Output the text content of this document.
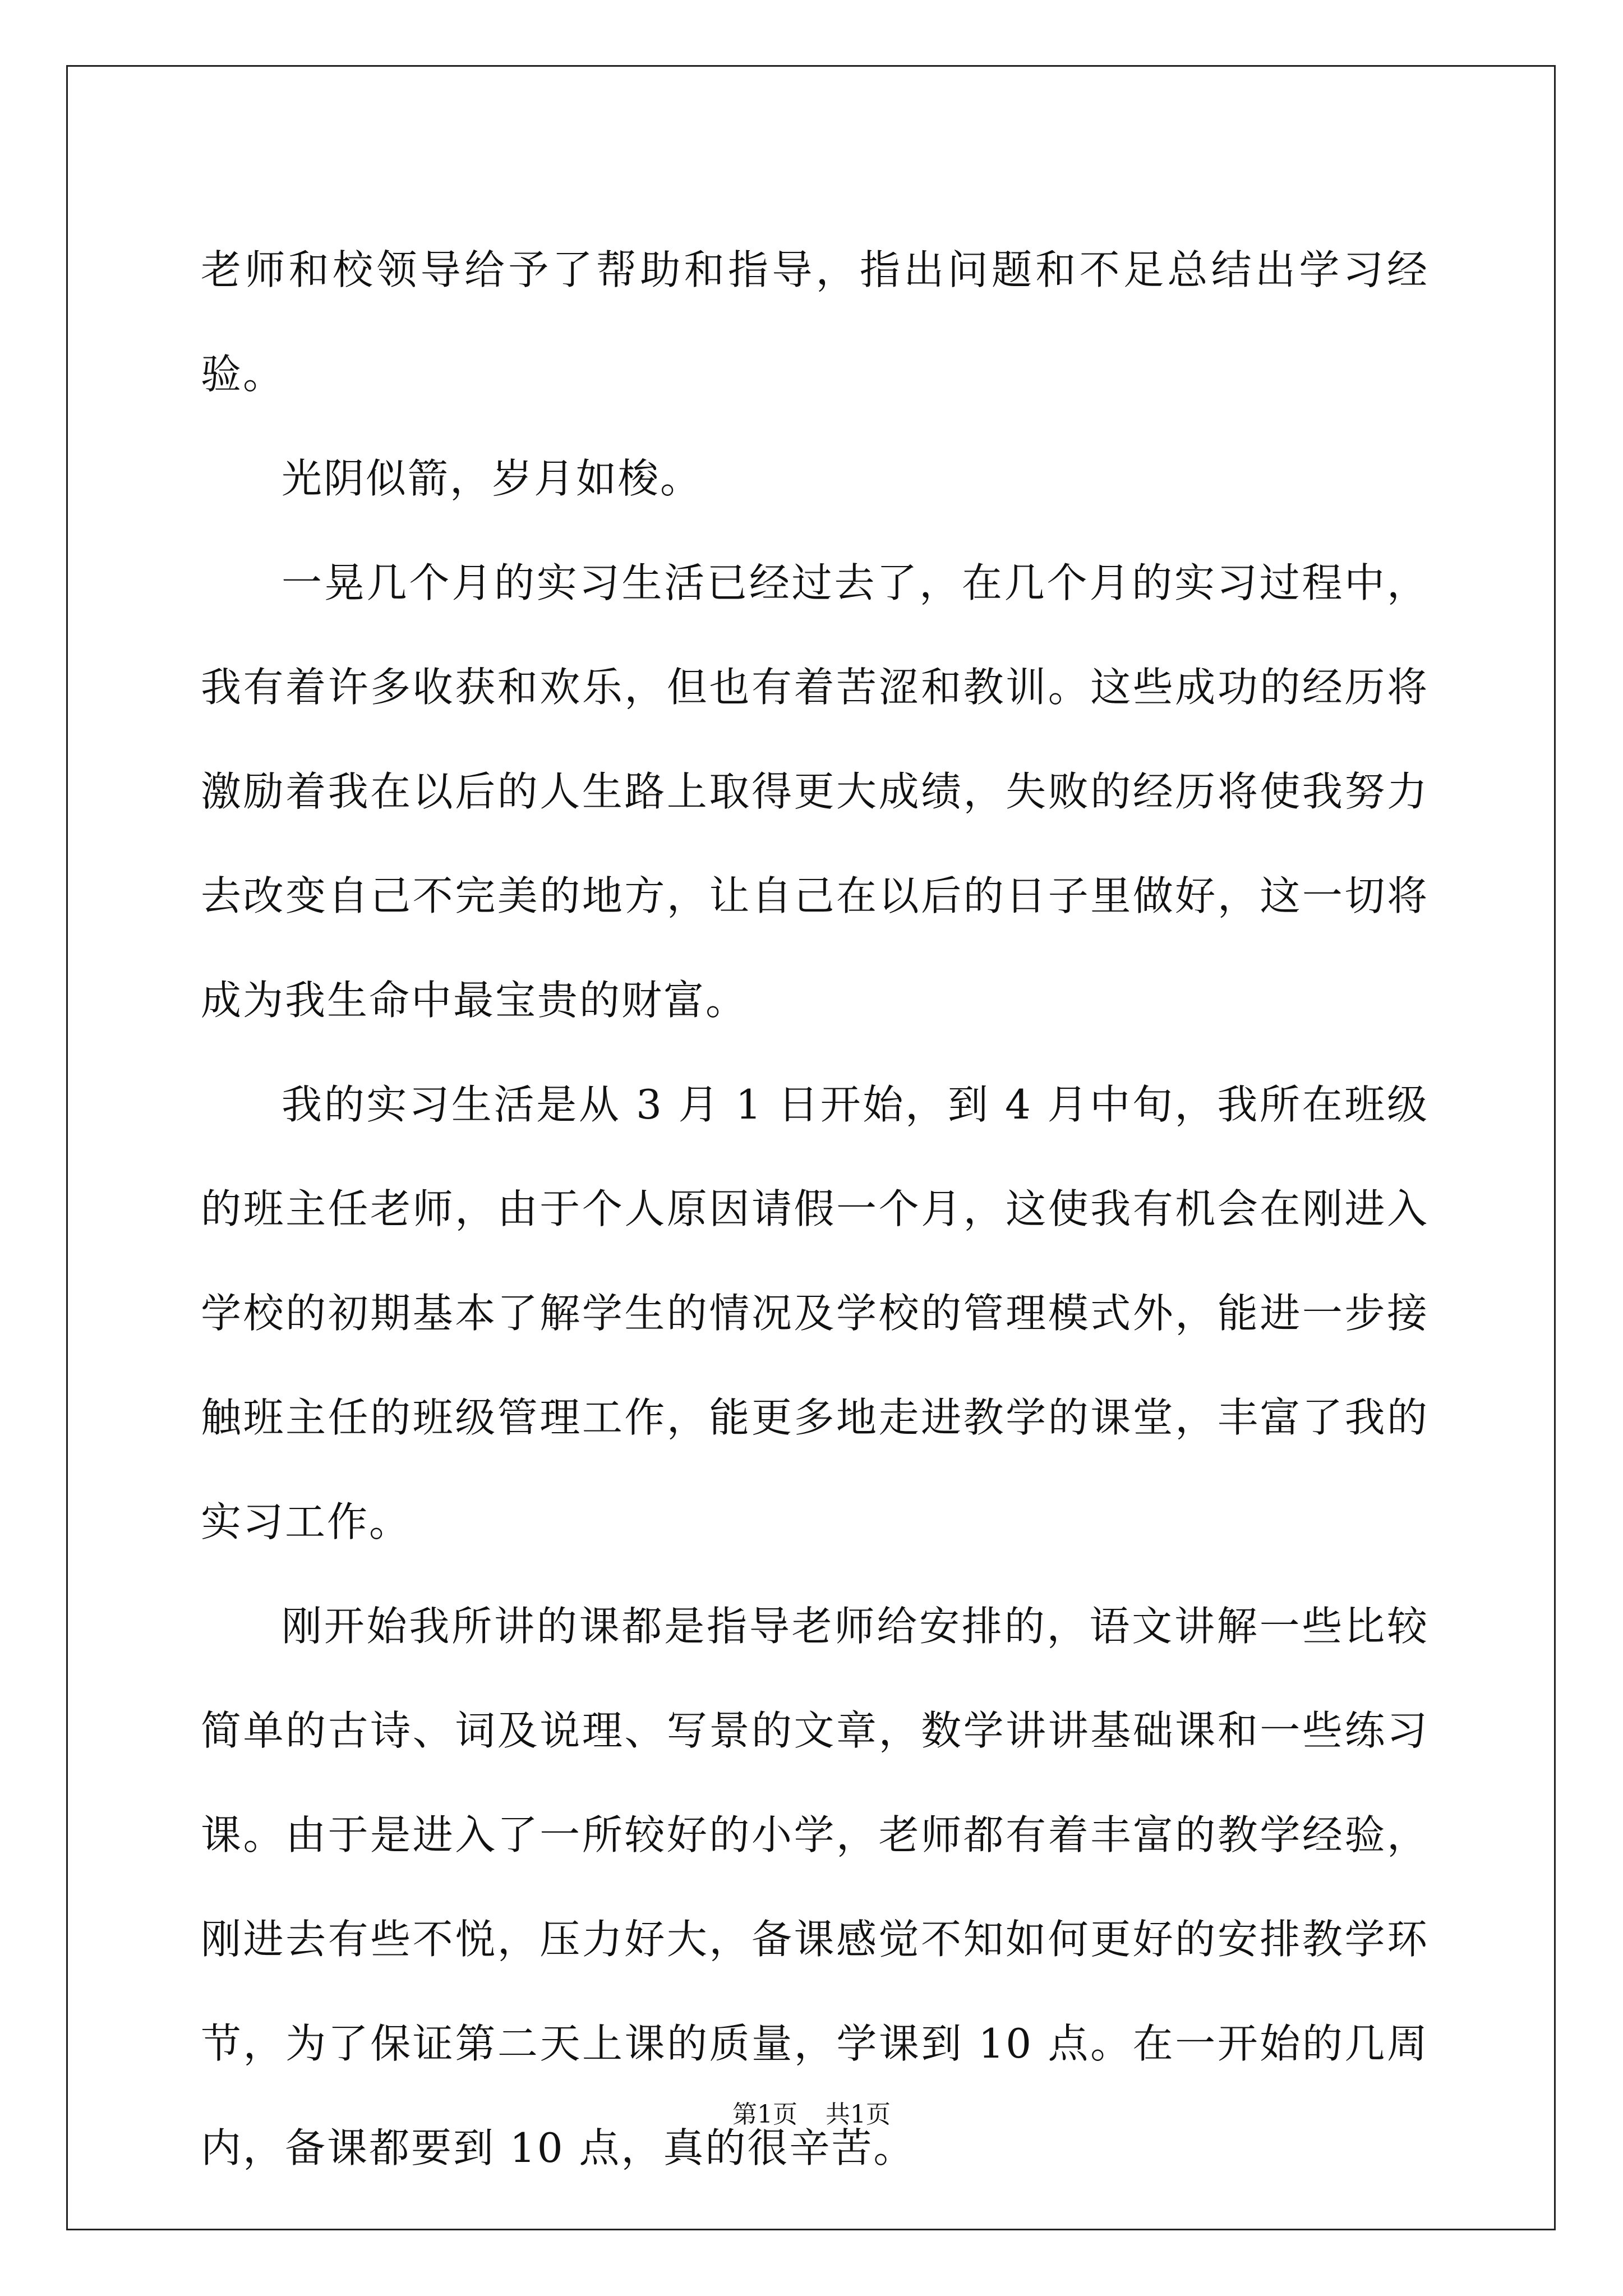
老师和校领导给予了帮助和指导，指出问题和不足总结出学习经验。

光阴似箭，岁月如梭。

一晃几个月的实习生活已经过去了，在几个月的实习过程中，我有着许多收获和欢乐，但也有着苦涩和教训。这些成功的经历将激励着我在以后的人生路上取得更大成绩，失败的经历将使我努力去改变自己不完美的地方，让自己在以后的日子里做好，这一切将成为我生命中最宝贵的财富。

我的实习生活是从 3 月 1 日开始，到 4 月中旬，我所在班级的班主任老师，由于个人原因请假一个月，这使我有机会在刚进入学校的初期基本了解学生的情况及学校的管理模式外，能进一步接触班主任的班级管理工作，能更多地走进教学的课堂，丰富了我的实习工作。

刚开始我所讲的课都是指导老师给安排的，语文讲解一些比较简单的古诗、词及说理、写景的文章，数学讲讲基础课和一些练习课。由于是进入了一所较好的小学，老师都有着丰富的教学经验，刚进去有些不悦，压力好大，备课感觉不知如何更好的安排教学环节，为了保证第二天上课的质量，学课到 10 点。在一开始的几周内，备课都要到 10 点，真的很辛苦。

第1页 共1页
